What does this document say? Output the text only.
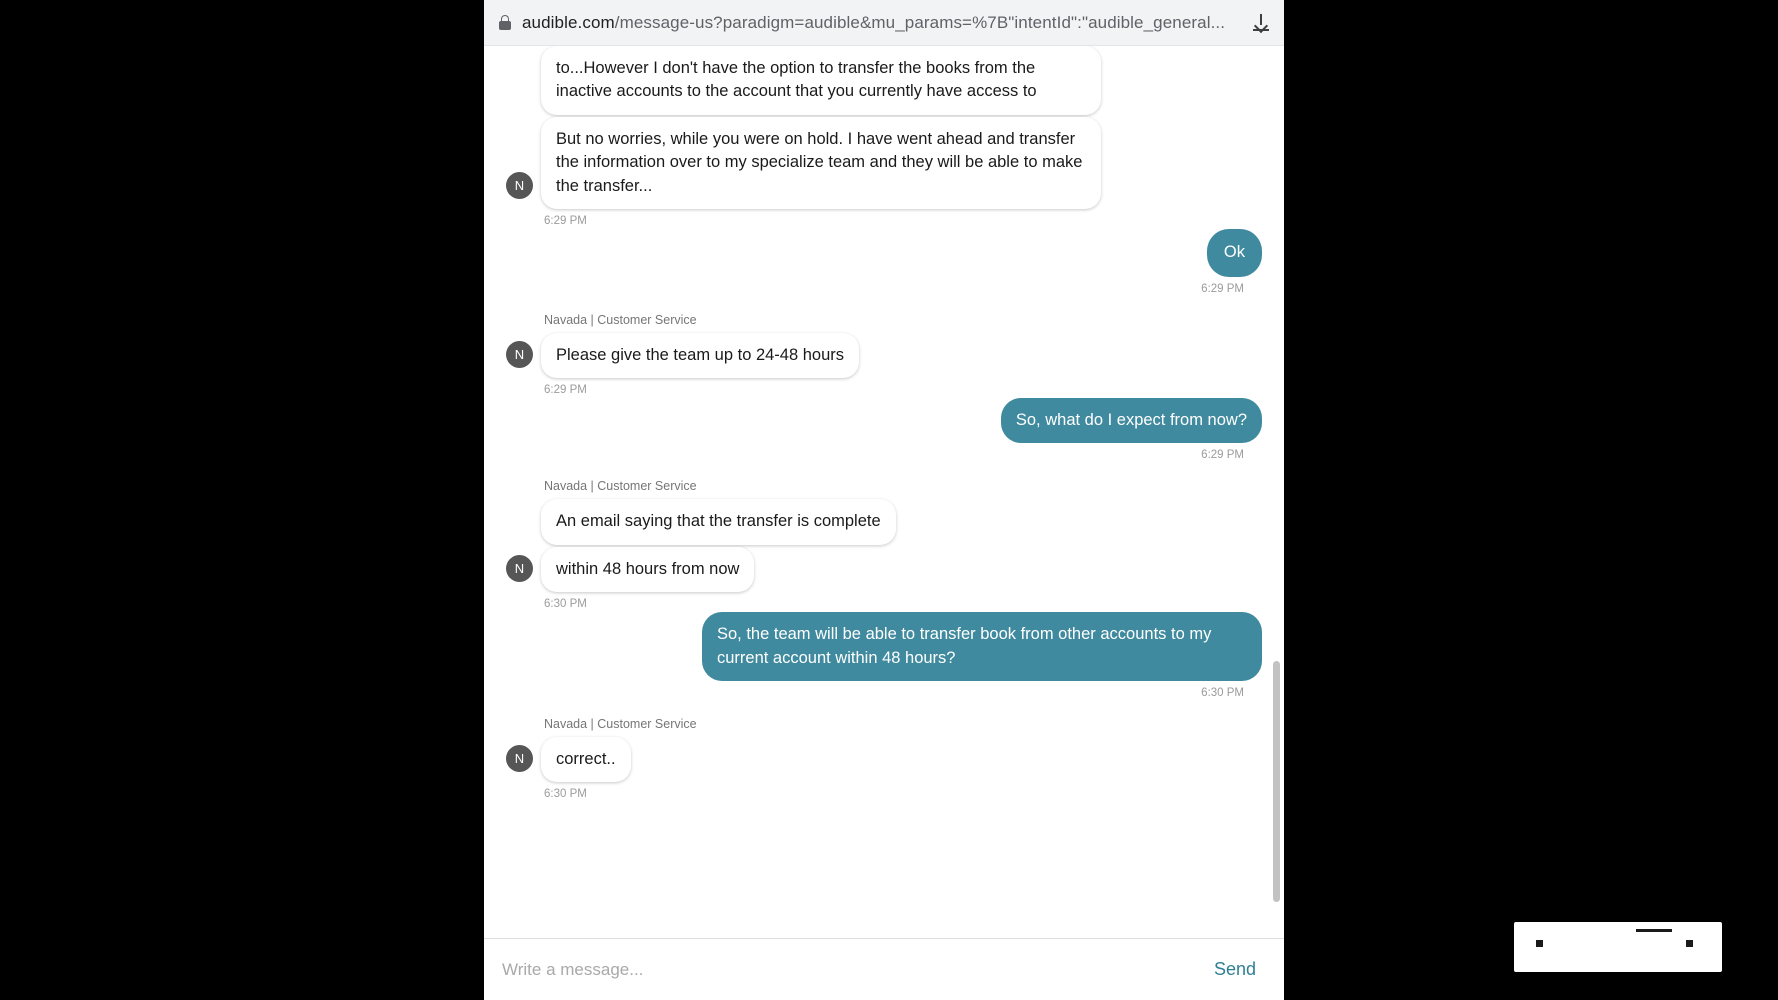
audible.com/message-us?paradigm=audible&mu_params=%7B"intentId":"audible_general...
to...However I don't have the option to transfer the books from the inactive accounts to the account that you currently have access to
N
But no worries, while you were on hold. I have went ahead and transfer the information over to my specialize team and they will be able to make the transfer...
6:29 PM
Ok
6:29 PM
Navada | Customer Service
N	Please give the team up to 24-48 hours
6:29 PM
So, what do I expect from now?
6:29 PM
Navada | Customer Service
An email saying that the transfer is complete
N	within 48 hours from now
6:30 PM
So, the team will be able to transfer book from other accounts to my current account within 48 hours?
6:30 PM
Navada | Customer Service
N	correct..
6:30 PM
Write a message...
Send
